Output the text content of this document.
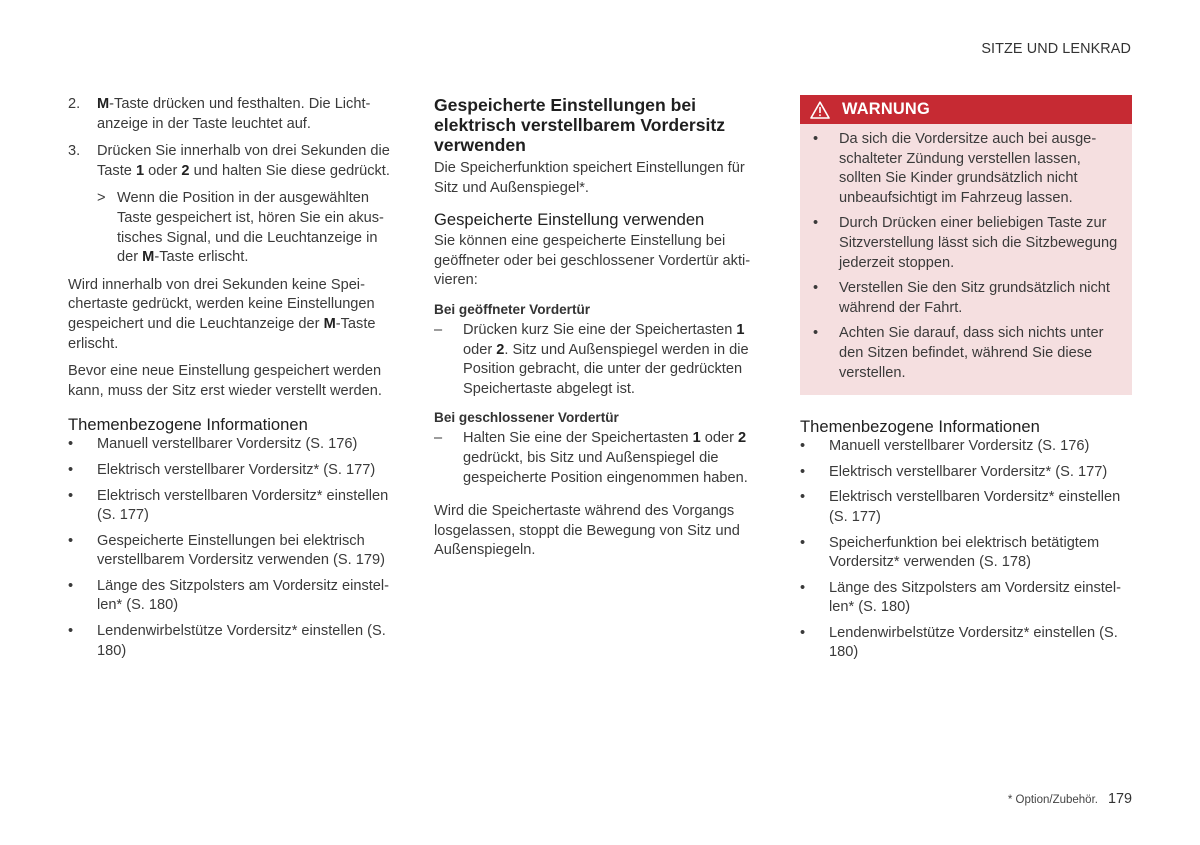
SITZE UND LENKRAD
2. M-Taste drücken und festhalten. Die Lichtanzeige in der Taste leuchtet auf.
3. Drücken Sie innerhalb von drei Sekunden die Taste 1 oder 2 und halten Sie diese gedrückt.
> Wenn die Position in der ausgewählten Taste gespeichert ist, hören Sie ein akustisches Signal, und die Leuchtanzeige in der M-Taste erlischt.

Wird innerhalb von drei Sekunden keine Speichertaste gedrückt, werden keine Einstellungen gespeichert und die Leuchtanzeige der M-Taste erlischt.

Bevor eine neue Einstellung gespeichert werden kann, muss der Sitz erst wieder verstellt werden.

Themenbezogene Informationen
• Manuell verstellbarer Vordersitz (S. 176)
• Elektrisch verstellbarer Vordersitz* (S. 177)
• Elektrisch verstellbaren Vordersitz* einstellen (S. 177)
• Gespeicherte Einstellungen bei elektrisch verstellbarem Vordersitz verwenden (S. 179)
• Länge des Sitzpolsters am Vordersitz einstellen* (S. 180)
• Lendenwirbelstütze Vordersitz* einstellen (S. 180)
Gespeicherte Einstellungen bei elektrisch verstellbarem Vordersitz verwenden

Die Speicherfunktion speichert Einstellungen für Sitz und Außenspiegel*.

Gespeicherte Einstellung verwenden

Sie können eine gespeicherte Einstellung bei geöffneter oder bei geschlossener Vordertür aktivieren:

Bei geöffneter Vordertür
– Drücken kurz Sie eine der Speichertasten 1 oder 2. Sitz und Außenspiegel werden in die Position gebracht, die unter der gedrückten Speichertaste abgelegt ist.
Bei geschlossener Vordertür
– Halten Sie eine der Speichertasten 1 oder 2 gedrückt, bis Sitz und Außenspiegel die gespeicherte Position eingenommen haben.

Wird die Speichertaste während des Vorgangs losgelassen, stoppt die Bewegung von Sitz und Außenspiegeln.

WARNUNG
• Da sich die Vordersitze auch bei ausgeschalteter Zündung verstellen lassen, sollten Sie Kinder grundsätzlich nicht unbeaufsichtigt im Fahrzeug lassen.
• Durch Drücken einer beliebigen Taste zur Sitzverstellung lässt sich die Sitzbewegung jederzeit stoppen.
• Verstellen Sie den Sitz grundsätzlich nicht während der Fahrt.
• Achten Sie darauf, dass sich nichts unter den Sitzen befindet, während Sie diese verstellen.
Themenbezogene Informationen
• Manuell verstellbarer Vordersitz (S. 176)
• Elektrisch verstellbarer Vordersitz* (S. 177)
• Elektrisch verstellbaren Vordersitz* einstellen (S. 177)
• Speicherfunktion bei elektrisch betätigtem Vordersitz* verwenden (S. 178)
• Länge des Sitzpolsters am Vordersitz einstellen* (S. 180)
• Lendenwirbelstütze Vordersitz* einstellen (S. 180)
* Option/Zubehör. 179
